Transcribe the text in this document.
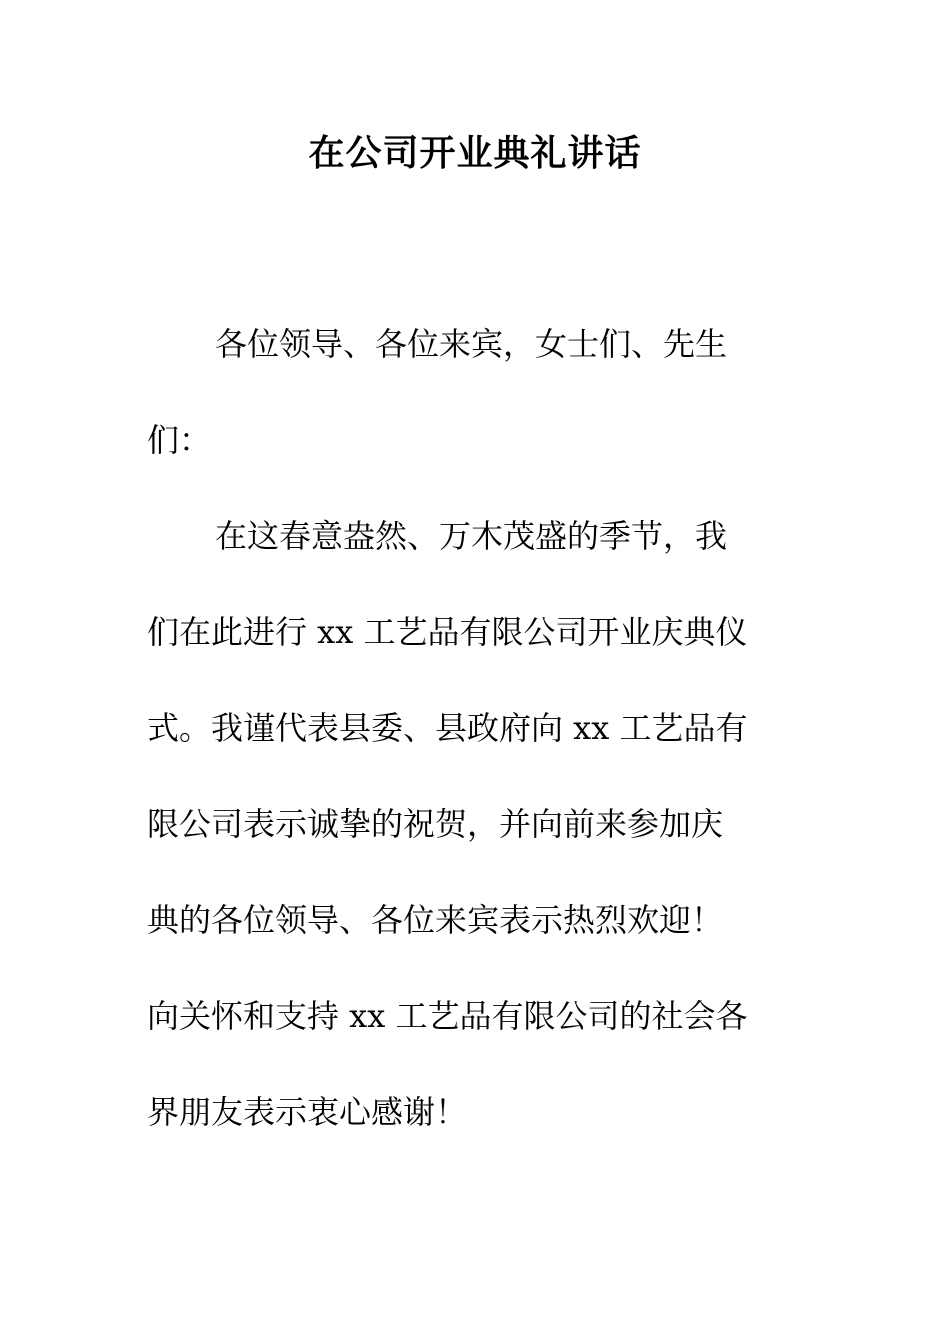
在公司开业典礼讲话
各位领导、各位来宾，女士们、先生
们：
在这春意盎然、万木茂盛的季节，我
们在此进行 xx 工艺品有限公司开业庆典仪
式。我谨代表县委、县政府向 xx 工艺品有
限公司表示诚挚的祝贺，并向前来参加庆
典的各位领导、各位来宾表示热烈欢迎！
向关怀和支持 xx 工艺品有限公司的社会各
界朋友表示衷心感谢！
